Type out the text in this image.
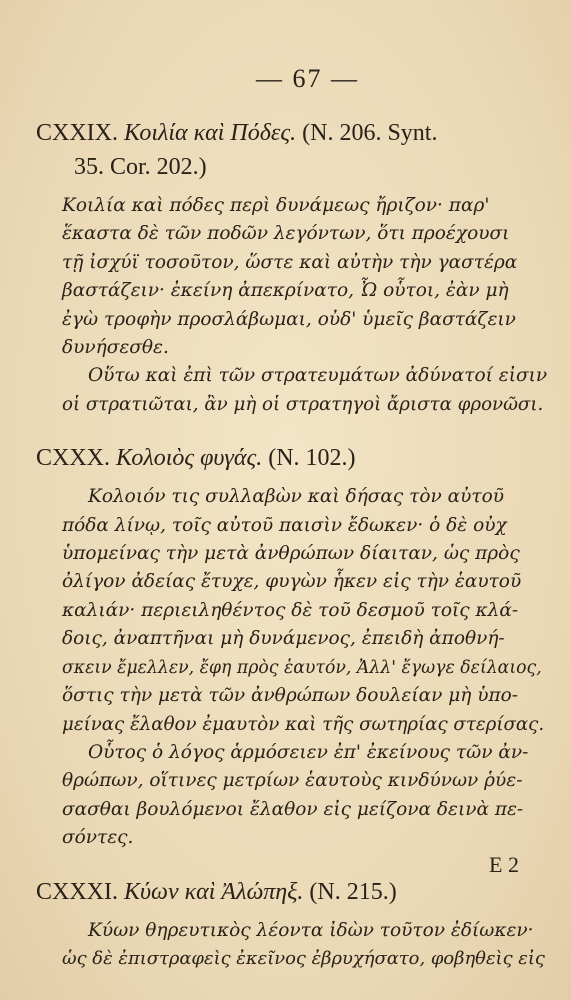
— 67 —

CXXIX. Κοιλία καὶ Πόδες. (N. 206. Synt.
35. Cor. 202.)

Κοιλία καὶ πόδες περὶ δυνάμεως ἤριζον· παρ'
ἕκαστα δὲ τῶν ποδῶν λεγόντων, ὅτι προέχουσι
τῇ ἰσχύϊ τοσοῦτον, ὥστε καὶ αὐτὴν τὴν γαστέρα
βαστάζειν· ἐκείνη ἀπεκρίνατο, Ὦ οὗτοι, ἐὰν μὴ
ἐγὼ τροφὴν προσλάβωμαι, οὐδ' ὑμεῖς βαστάζειν
δυνήσεσθε.

Οὕτω καὶ ἐπὶ τῶν στρατευμάτων ἀδύνατοί εἰσιν
οἱ στρατιῶται, ἂν μὴ οἱ στρατηγοὶ ἄριστα φρονῶσι.

CXXX. Κολοιὸς φυγάς. (N. 102.)

Κολοιόν τις συλλαβὼν καὶ δήσας τὸν αὐτοῦ
πόδα λίνῳ, τοῖς αὐτοῦ παισὶν ἔδωκεν· ὁ δὲ οὐχ
ὑπομείνας τὴν μετὰ ἀνθρώπων δίαιταν, ὡς πρὸς
ὀλίγον ἀδείας ἔτυχε, φυγὼν ἧκεν εἰς τὴν ἑαυτοῦ
καλιάν· περιειληθέντος δὲ τοῦ δεσμοῦ τοῖς κλά-
δοις, ἀναπτῆναι μὴ δυνάμενος, ἐπειδὴ ἀποθνή-
σκειν ἔμελλεν, ἔφη πρὸς ἑαυτόν, Ἀλλ' ἔγωγε δείλαιος,
ὅστις τὴν μετὰ τῶν ἀνθρώπων δουλείαν μὴ ὑπο-
μείνας ἔλαθον ἐμαυτὸν καὶ τῆς σωτηρίας στερίσας.

Οὗτος ὁ λόγος ἁρμόσειεν ἐπ' ἐκείνους τῶν ἀν-
θρώπων, οἵτινες μετρίων ἑαυτοὺς κινδύνων ῥύε-
σασθαι βουλόμενοι ἔλαθον εἰς μείζονα δεινὰ πε-
σόντες.

CXXXI. Κύων καὶ Ἀλώπηξ. (N. 215.)

Κύων θηρευτικὸς λέοντα ἰδὼν τοῦτον ἐδίωκεν·
ὡς δὲ ἐπιστραφεὶς ἐκεῖνος ἐβρυχήσατο, φοβηθεὶς εἰς

E 2
